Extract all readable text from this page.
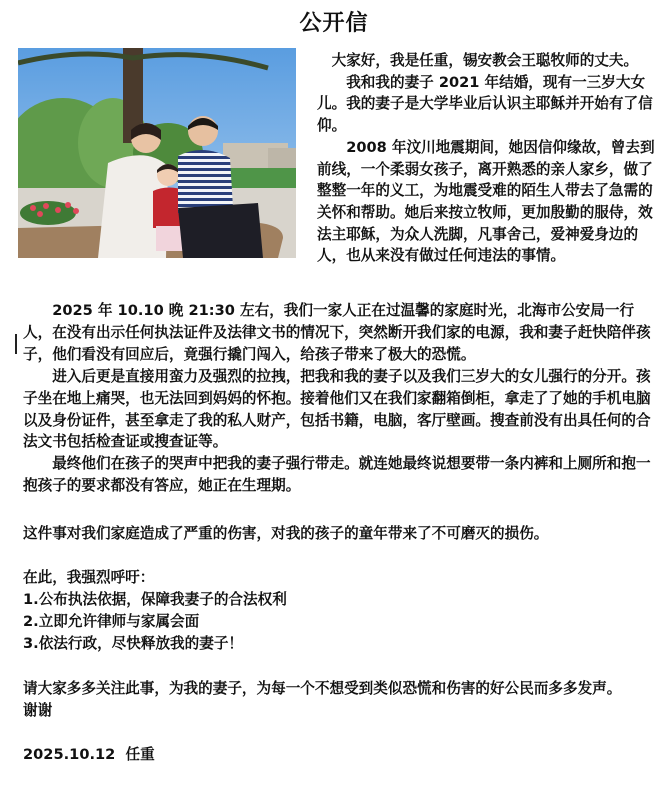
公开信

大家好，我是任重，锡安教会王聪牧师的丈夫。

我和我的妻子 2021 年结婚，现有一三岁大女儿。我的妻子是大学毕业后认识主耶稣并开始有了信仰。

2008 年汶川地震期间，她因信仰缘故，曾去到前线，一个柔弱女孩子，离开熟悉的亲人家乡，做了整整一年的义工，为地震受难的陌生人带去了急需的关怀和帮助。她后来按立牧师，更加殷勤的服侍，效法主耶稣，为众人洗脚，凡事舍己，爱神爱身边的人，也从来没有做过任何违法的事情。

2025 年 10.10 晚 21:30 左右，我们一家人正在过温馨的家庭时光，北海市公安局一行人，在没有出示任何执法证件及法律文书的情况下，突然断开我们家的电源，我和妻子赶快陪伴孩子，他们看没有回应后，竟强行撬门闯入，给孩子带来了极大的恐慌。

进入后更是直接用蛮力及强烈的拉拽，把我和我的妻子以及我们三岁大的女儿强行的分开。孩子坐在地上痛哭，也无法回到妈妈的怀抱。接着他们又在我们家翻箱倒柜，拿走了了她的手机电脑以及身份证件，甚至拿走了我的私人财产，包括书籍，电脑，客厅壁画。搜查前没有出具任何的合法文书包括检查证或搜查证等。

最终他们在孩子的哭声中把我的妻子强行带走。就连她最终说想要带一条内裤和上厕所和抱一抱孩子的要求都没有答应，她正在生理期。

这件事对我们家庭造成了严重的伤害，对我的孩子的童年带来了不可磨灭的损伤。

在此，我强烈呼吁：

1.公布执法依据，保障我妻子的合法权利

2.立即允许律师与家属会面

3.依法行政，尽快释放我的妻子！

请大家多多关注此事，为我的妻子，为每一个不想受到类似恐慌和伤害的好公民而多多发声。

谢谢

2025.10.12 任重
